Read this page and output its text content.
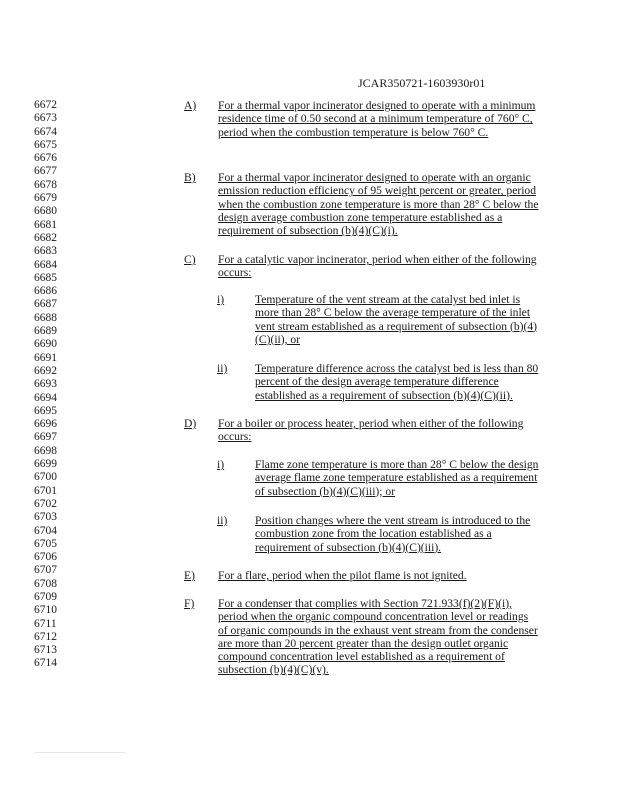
JCAR350721-1603930r01
6672
6673
6674
6675
6676
6677
6678
6679
6680
6681
6682
6683
6684
6685
6686
6687
6688
6689
6690
6691
6692
6693
6694
6695
6696
6697
6698
6699
6700
6701
6702
6703
6704
6705
6706
6707
6708
6709
6710
6711
6712
6713
6714
A) For a thermal vapor incinerator designed to operate with a minimum residence time of 0.50 second at a minimum temperature of 760° C, period when the combustion temperature is below 760° C.
B) For a thermal vapor incinerator designed to operate with an organic emission reduction efficiency of 95 weight percent or greater, period when the combustion zone temperature is more than 28° C below the design average combustion zone temperature established as a requirement of subsection (b)(4)(C)(i).
C) For a catalytic vapor incinerator, period when either of the following occurs:
i)	Temperature of the vent stream at the catalyst bed inlet is more than 28° C below the average temperature of the inlet vent stream established as a requirement of subsection (b)(4)(C)(ii), or
ii) Temperature difference across the catalyst bed is less than 80 percent of the design average temperature difference established as a requirement of subsection (b)(4)(C)(ii).
D) For a boiler or process heater, period when either of the following occurs:
i)	Flame zone temperature is more than 28° C below the design average flame zone temperature established as a requirement of subsection (b)(4)(C)(iii); or
ii) Position changes where the vent stream is introduced to the combustion zone from the location established as a requirement of subsection (b)(4)(C)(iii).
E) For a flare, period when the pilot flame is not ignited.
F) For a condenser that complies with Section 721.933(f)(2)(F)(i), period when the organic compound concentration level or readings of organic compounds in the exhaust vent stream from the condenser are more than 20 percent greater than the design outlet organic compound concentration level established as a requirement of subsection (b)(4)(C)(v).
